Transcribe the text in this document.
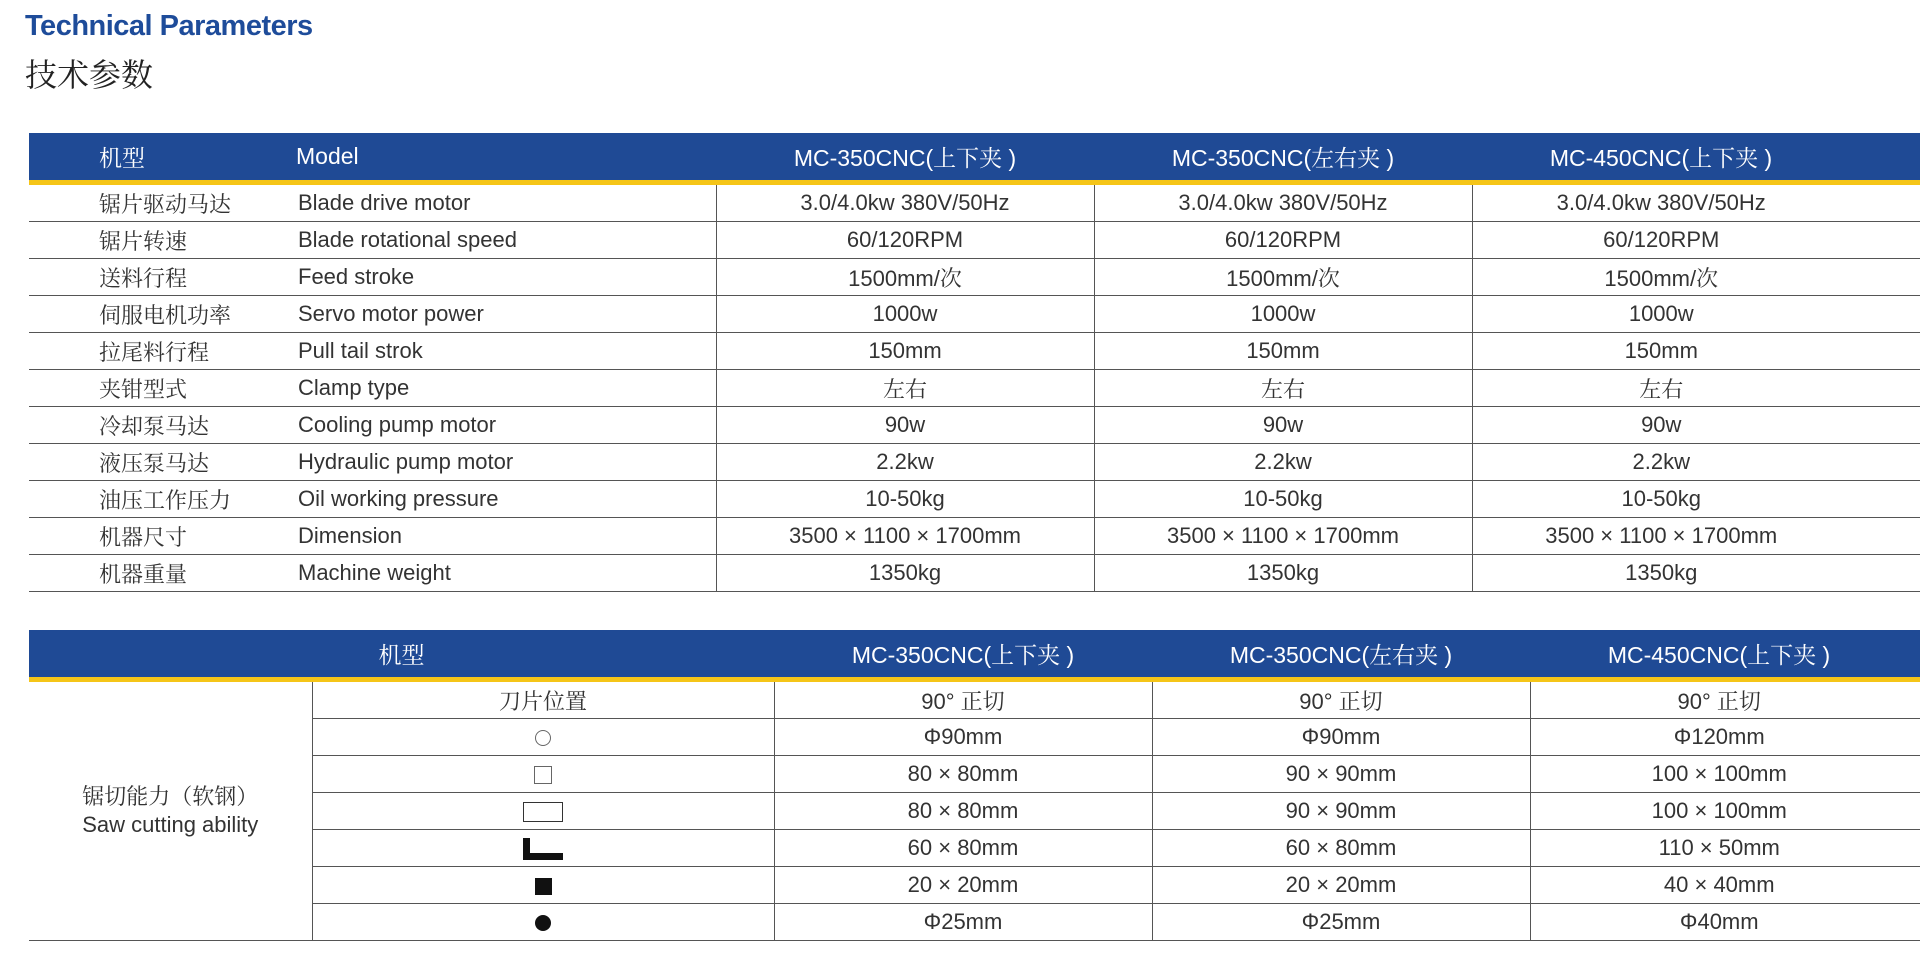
Technical Parameters
技术参数
机型	Model	MC-350CNC(上下夹 )	MC-350CNC(左右夹 )	MC-450CNC(上下夹 )	
锯片驱动马达	Blade drive motor	3.0/4.0kw 380V/50Hz	3.0/4.0kw 380V/50Hz	3.0/4.0kw 380V/50Hz	
锯片转速	Blade rotational speed	60/120RPM	60/120RPM	60/120RPM	
送料行程	Feed stroke	1500mm/次	1500mm/次	1500mm/次	
伺服电机功率	Servo motor power	1000w	1000w	1000w	
拉尾料行程	Pull tail strok	150mm	150mm	150mm	
夹钳型式	Clamp type	左右	左右	左右	
冷却泵马达	Cooling pump motor	90w	90w	90w	
液压泵马达	Hydraulic pump motor	2.2kw	2.2kw	2.2kw	
油压工作压力	Oil working pressure	10-50kg	10-50kg	10-50kg	
机器尺寸	Dimension	3500 × 1100 × 1700mm	3500 × 1100 × 1700mm	3500 × 1100 × 1700mm	
机器重量	Machine weight	1350kg	1350kg	1350kg	
机型		MC-350CNC(上下夹 )	MC-350CNC(左右夹 )	MC-450CNC(上下夹 )	

锯切能力（软钢）
Saw cutting ability	刀片位置	90° 正切	90° 正切	90° 正切	
		Φ90mm	Φ90mm	Φ120mm	
		80 × 80mm	90 × 90mm	100 × 100mm	
		80 × 80mm	90 × 90mm	100 × 100mm	
		60 × 80mm	60 × 80mm	110 × 50mm	
		20 × 20mm	20 × 20mm	40 × 40mm	
		Φ25mm	Φ25mm	Φ40mm	
